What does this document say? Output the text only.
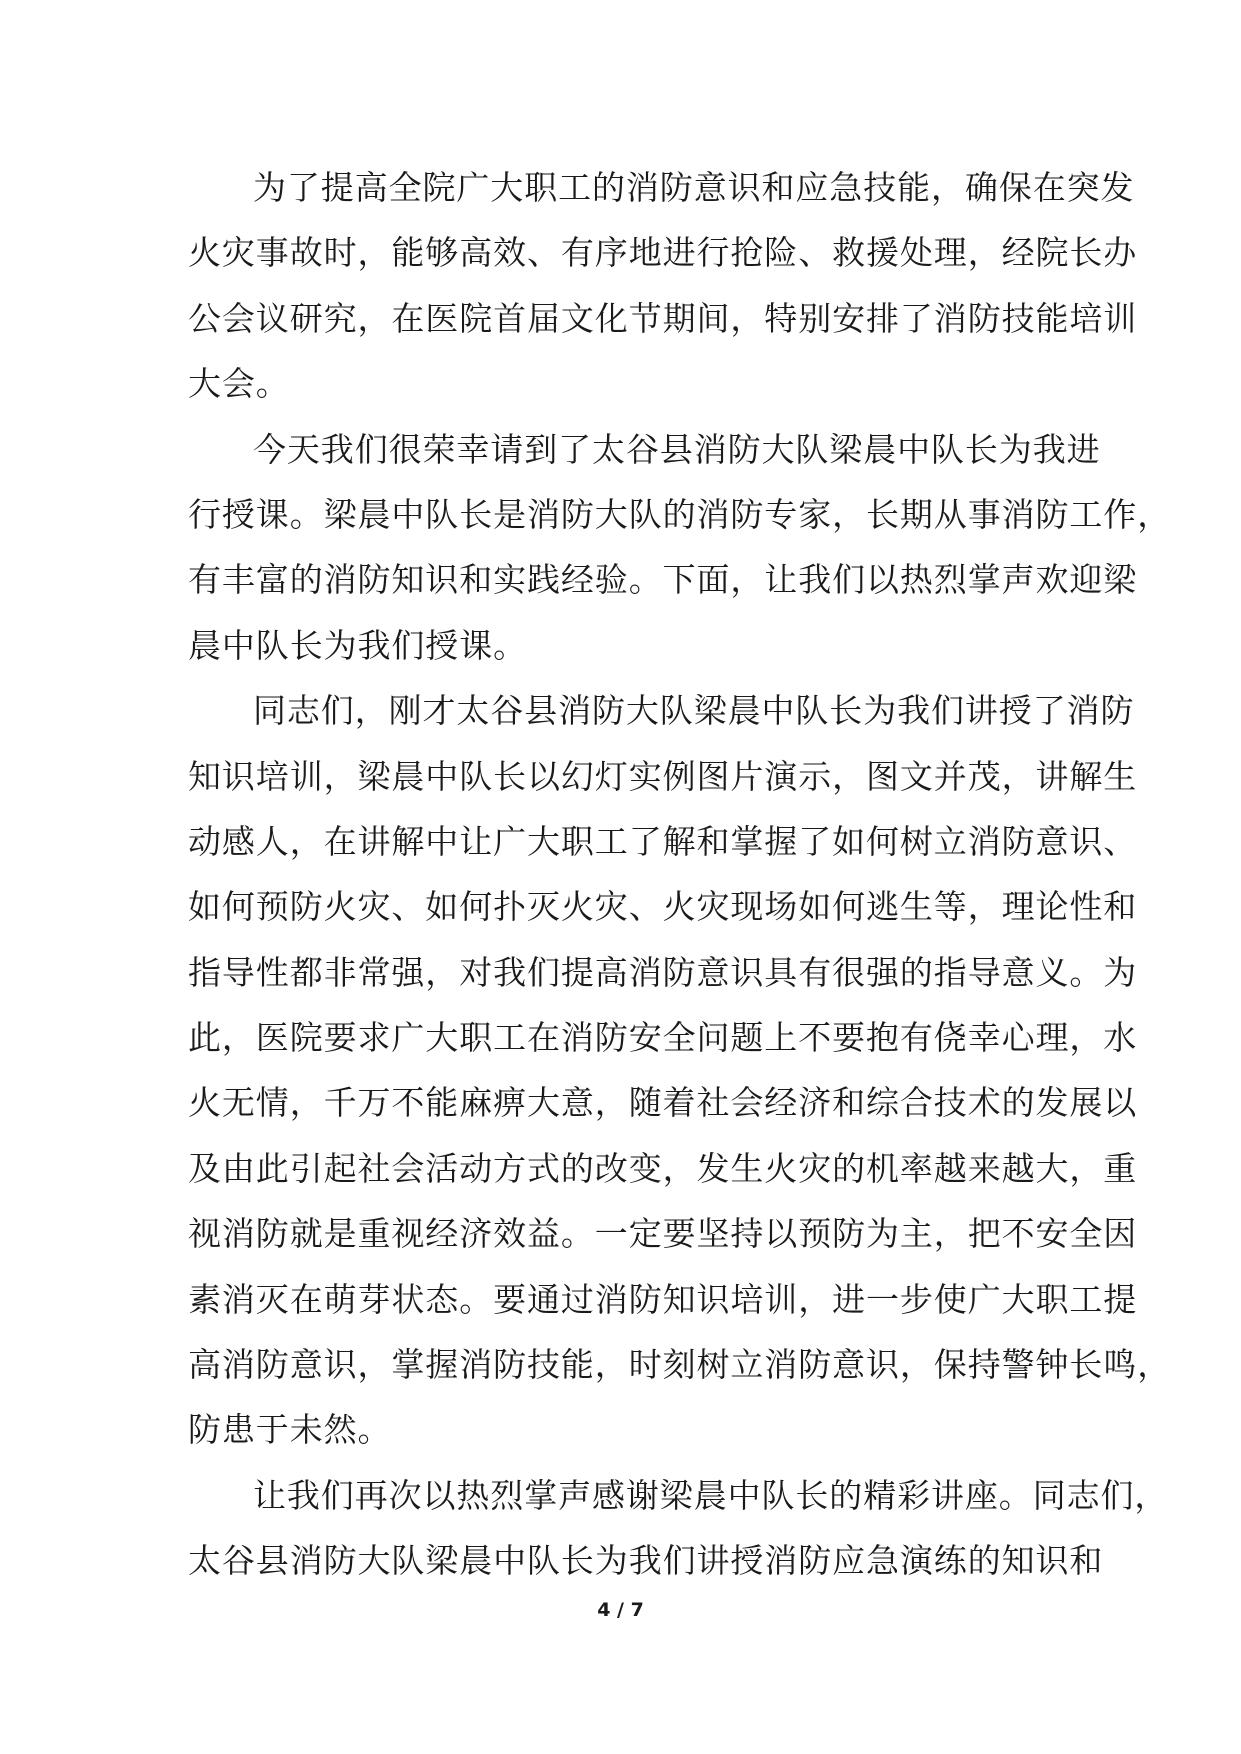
为了提高全院广大职工的消防意识和应急技能，确保在突发
火灾事故时，能够高效、有序地进行抢险、救援处理，经院长办
公会议研究，在医院首届文化节期间，特别安排了消防技能培训
大会。
今天我们很荣幸请到了太谷县消防大队梁晨中队长为我进
行授课。梁晨中队长是消防大队的消防专家，长期从事消防工作，
有丰富的消防知识和实践经验。下面，让我们以热烈掌声欢迎梁
晨中队长为我们授课。
同志们，刚才太谷县消防大队梁晨中队长为我们讲授了消防
知识培训，梁晨中队长以幻灯实例图片演示，图文并茂，讲解生
动感人，在讲解中让广大职工了解和掌握了如何树立消防意识、
如何预防火灾、如何扑灭火灾、火灾现场如何逃生等，理论性和
指导性都非常强，对我们提高消防意识具有很强的指导意义。为
此，医院要求广大职工在消防安全问题上不要抱有侥幸心理，水
火无情，千万不能麻痹大意，随着社会经济和综合技术的发展以
及由此引起社会活动方式的改变，发生火灾的机率越来越大，重
视消防就是重视经济效益。一定要坚持以预防为主，把不安全因
素消灭在萌芽状态。要通过消防知识培训，进一步使广大职工提
高消防意识，掌握消防技能，时刻树立消防意识，保持警钟长鸣，
防患于未然。
让我们再次以热烈掌声感谢梁晨中队长的精彩讲座。同志们，
太谷县消防大队梁晨中队长为我们讲授消防应急演练的知识和
4 / 7
